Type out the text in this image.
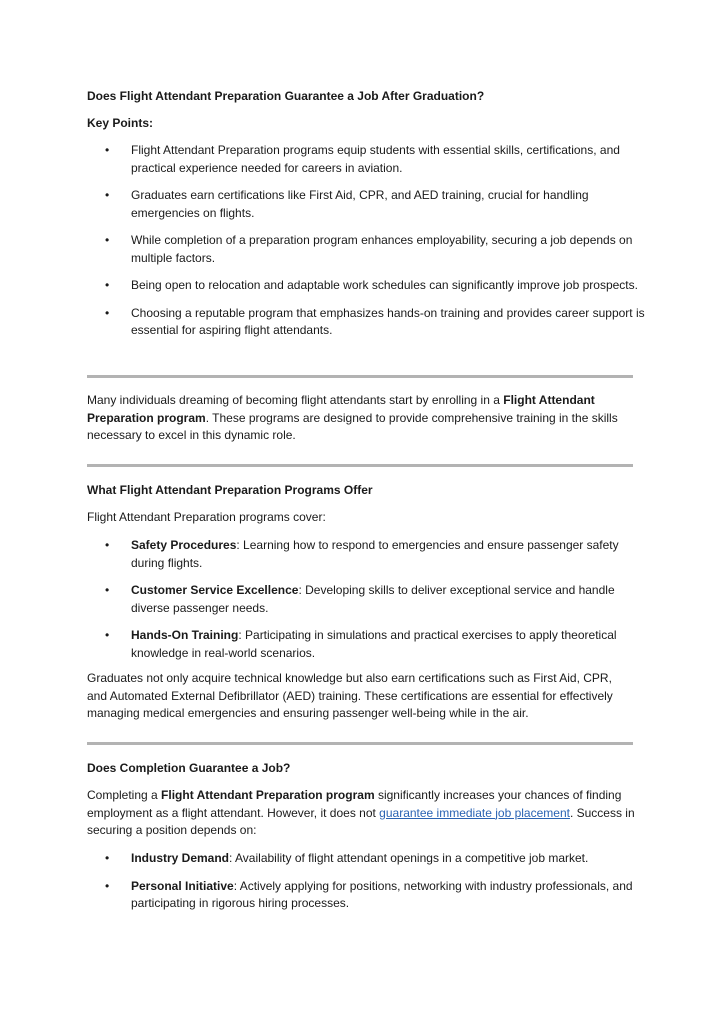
Does Flight Attendant Preparation Guarantee a Job After Graduation?

Key Points:

• Flight Attendant Preparation programs equip students with essential skills, certifications, and practical experience needed for careers in aviation.
• Graduates earn certifications like First Aid, CPR, and AED training, crucial for handling emergencies on flights.
• While completion of a preparation program enhances employability, securing a job depends on multiple factors.
• Being open to relocation and adaptable work schedules can significantly improve job prospects.
• Choosing a reputable program that emphasizes hands-on training and provides career support is essential for aspiring flight attendants.

Many individuals dreaming of becoming flight attendants start by enrolling in a Flight Attendant Preparation program. These programs are designed to provide comprehensive training in the skills necessary to excel in this dynamic role.

What Flight Attendant Preparation Programs Offer

Flight Attendant Preparation programs cover:

• Safety Procedures: Learning how to respond to emergencies and ensure passenger safety during flights.
• Customer Service Excellence: Developing skills to deliver exceptional service and handle diverse passenger needs.
• Hands-On Training: Participating in simulations and practical exercises to apply theoretical knowledge in real-world scenarios.

Graduates not only acquire technical knowledge but also earn certifications such as First Aid, CPR, and Automated External Defibrillator (AED) training. These certifications are essential for effectively managing medical emergencies and ensuring passenger well-being while in the air.

Does Completion Guarantee a Job?

Completing a Flight Attendant Preparation program significantly increases your chances of finding employment as a flight attendant. However, it does not guarantee immediate job placement. Success in securing a position depends on:

• Industry Demand: Availability of flight attendant openings in a competitive job market.
• Personal Initiative: Actively applying for positions, networking with industry professionals, and participating in rigorous hiring processes.
